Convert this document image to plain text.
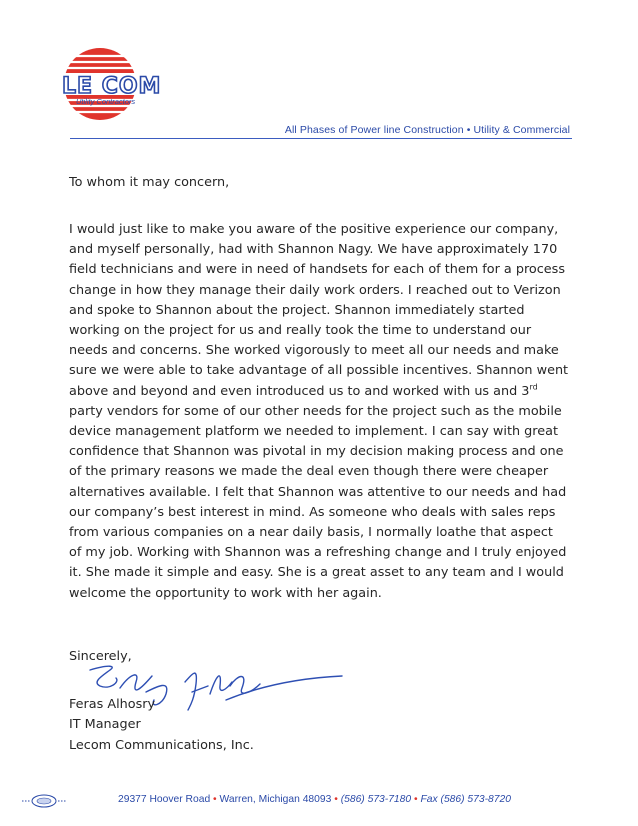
LE COM
Utility Contractors
All Phases of Power line Construction • Utility & Commercial

To whom it may concern,

I would just like to make you aware of the positive experience our company, and myself personally, had with Shannon Nagy. We have approximately 170 field technicians and were in need of handsets for each of them for a process change in how they manage their daily work orders. I reached out to Verizon and spoke to Shannon about the project. Shannon immediately started working on the project for us and really took the time to understand our needs and concerns. She worked vigorously to meet all our needs and make sure we were able to take advantage of all possible incentives. Shannon went above and beyond and even introduced us to and worked with us and 3rd party vendors for some of our other needs for the project such as the mobile device management platform we needed to implement. I can say with great confidence that Shannon was pivotal in my decision making process and one of the primary reasons we made the deal even though there were cheaper alternatives available. I felt that Shannon was attentive to our needs and had our company’s best interest in mind. As someone who deals with sales reps from various companies on a near daily basis, I normally loathe that aspect of my job. Working with Shannon was a refreshing change and I truly enjoyed it. She made it simple and easy. She is a great asset to any team and I would welcome the opportunity to work with her again.

Sincerely,

Feras Alhosry

IT Manager

Lecom Communications, Inc.

29377 Hoover Road • Warren, Michigan 48093 • (586) 573-7180 • Fax (586) 573-8720
